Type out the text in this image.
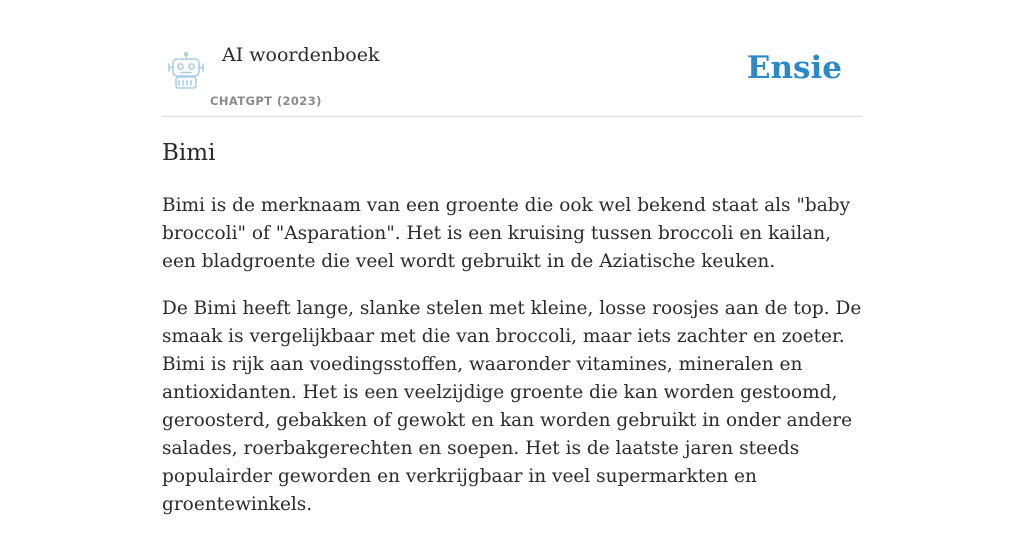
AI woordenboek
CHATGPT (2023)
Ensie
Bimi

Bimi is de merknaam van een groente die ook wel bekend staat als "baby broccoli" of "Asparation". Het is een kruising tussen broccoli en kailan, een bladgroente die veel wordt gebruikt in de Aziatische keuken.

De Bimi heeft lange, slanke stelen met kleine, losse roosjes aan de top. De smaak is vergelijkbaar met die van broccoli, maar iets zachter en zoeter. Bimi is rijk aan voedingsstoffen, waaronder vitamines, mineralen en antioxidanten. Het is een veelzijdige groente die kan worden gestoomd, geroosterd, gebakken of gewokt en kan worden gebruikt in onder andere salades, roerbakgerechten en soepen. Het is de laatste jaren steeds populairder geworden en verkrijgbaar in veel supermarkten en groentewinkels.
